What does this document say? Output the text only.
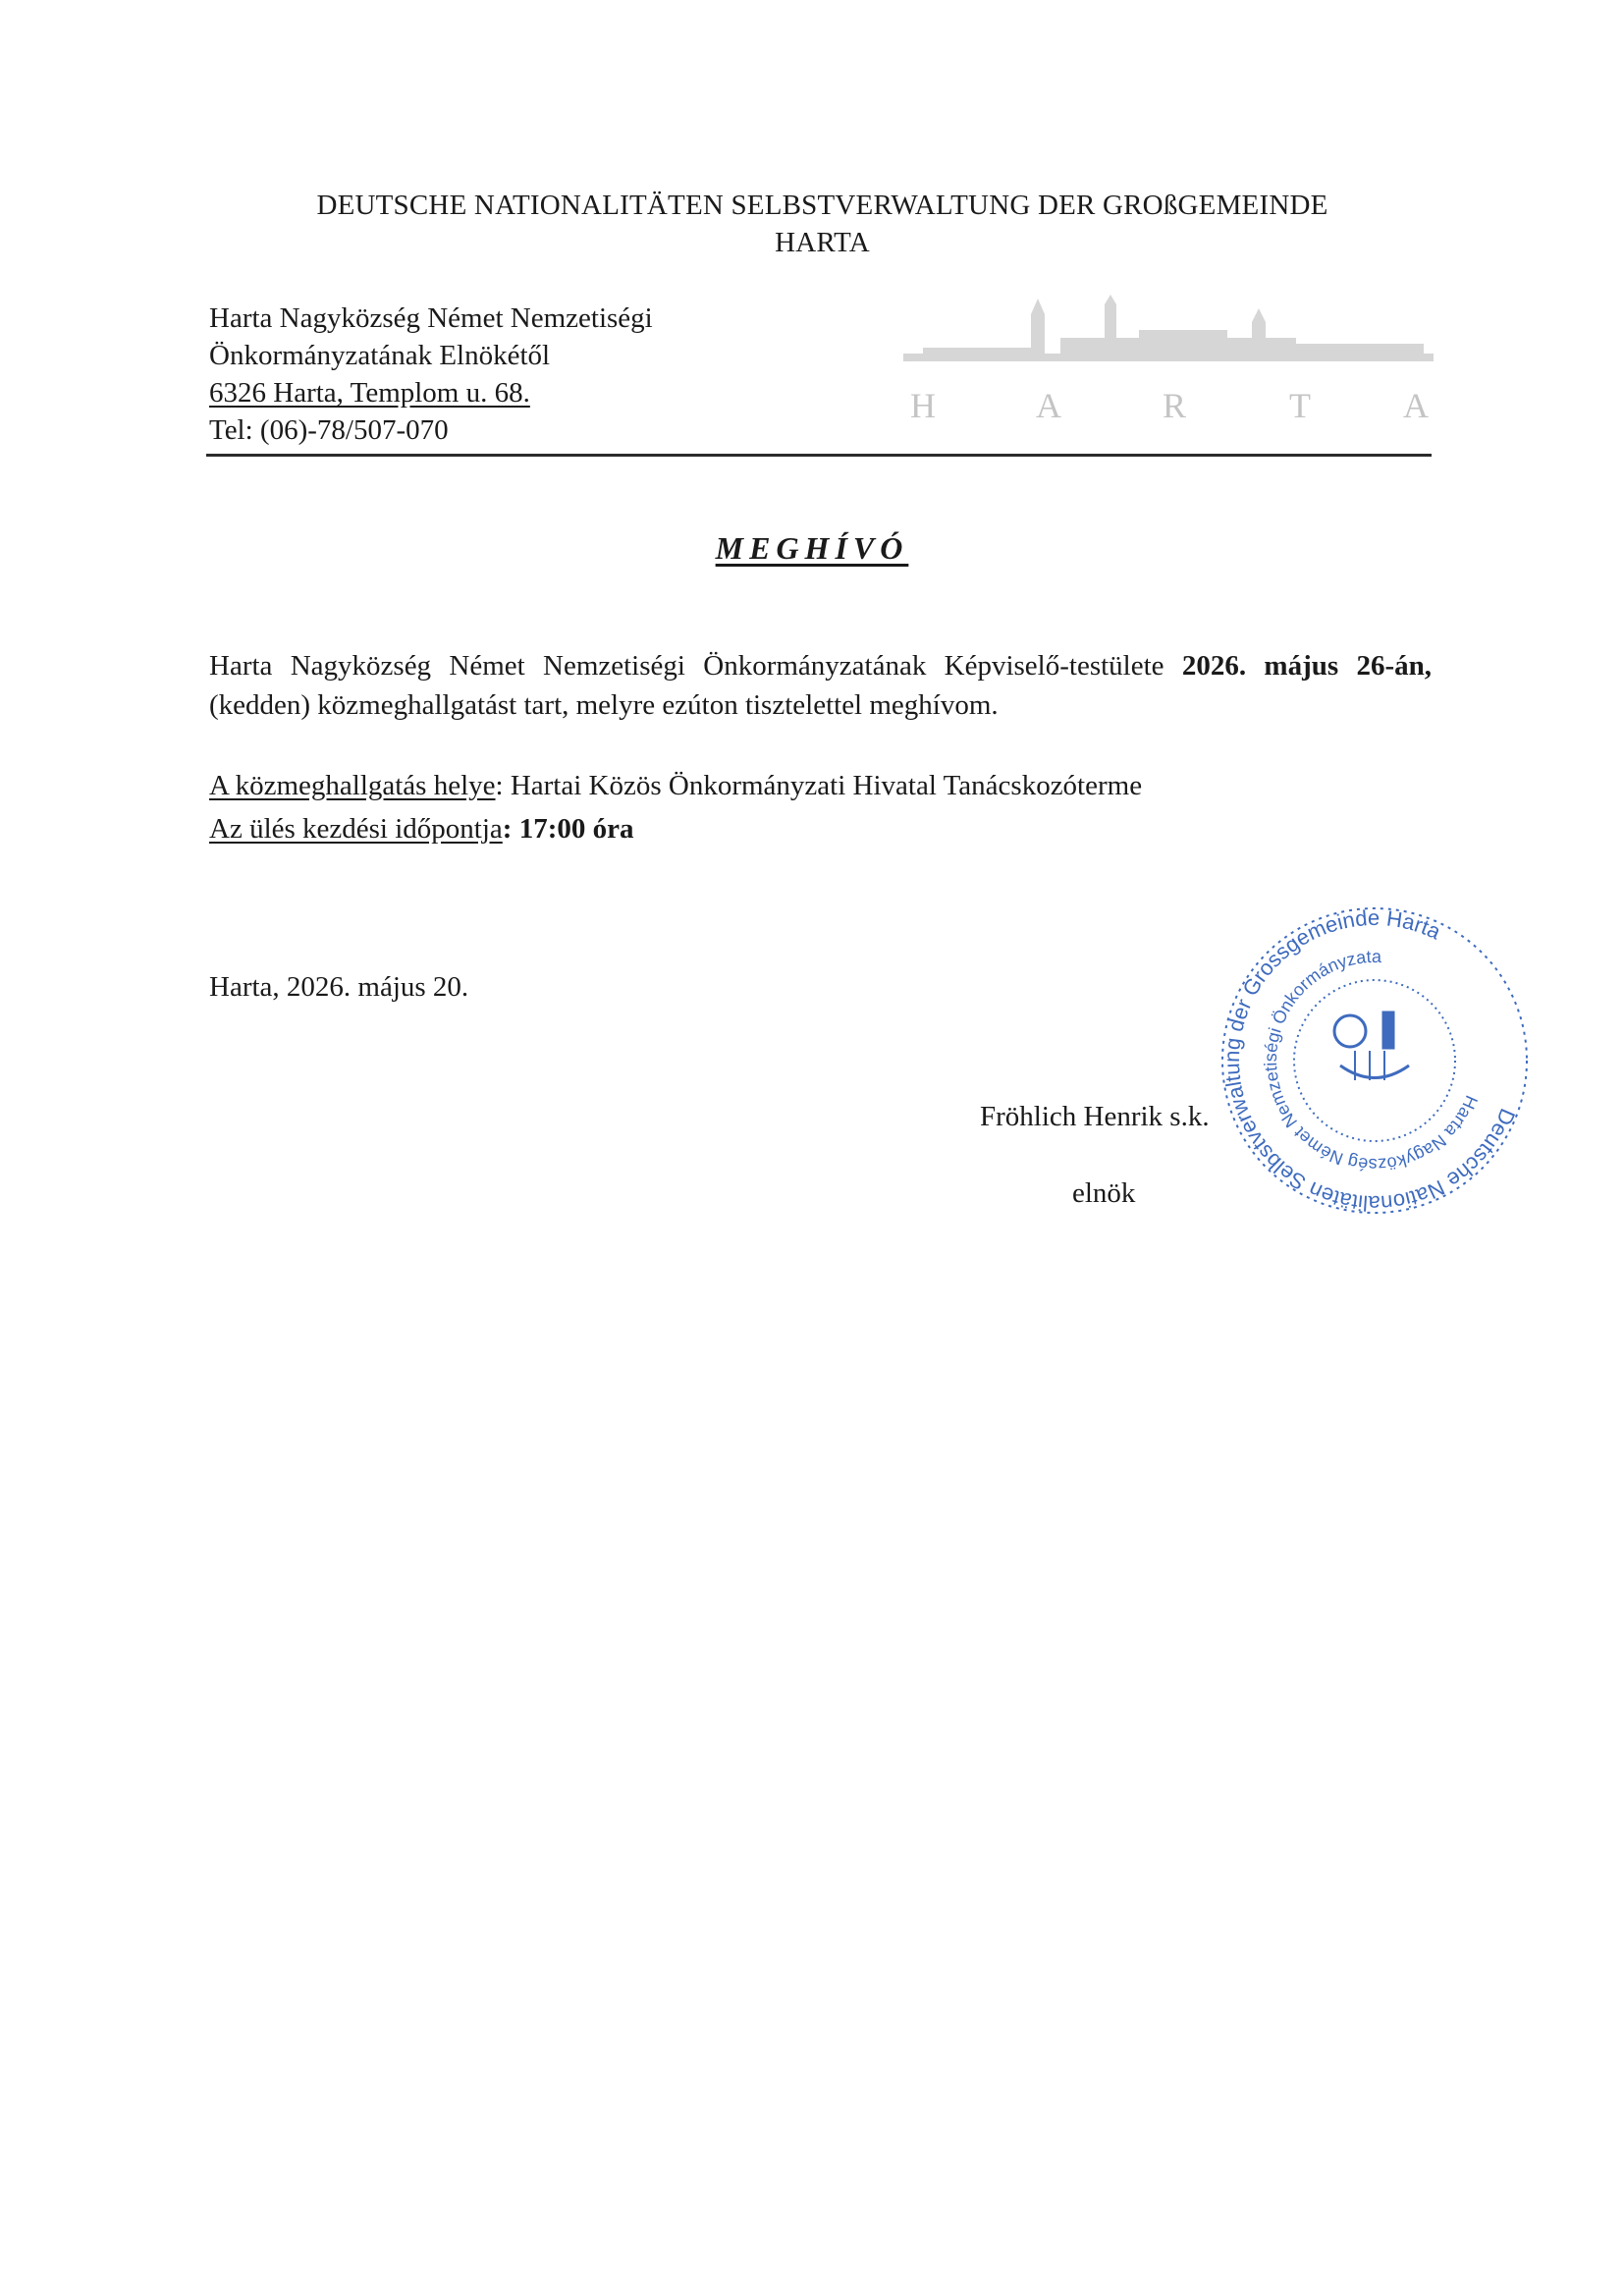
DEUTSCHE NATIONALITÄTEN SELBSTVERWALTUNG DER GROßGEMEINDE
HARTA
Harta Nagyközség Német Nemzetiségi
Önkormányzatának Elnökétől
6326 Harta, Templom u. 68.
Tel: (06)-78/507-070
H	A	R	T	A
MEGHÍVÓ
Harta Nagyközség Német Nemzetiségi Önkormányzatának Képviselő-testülete 2026. május 26-án, (kedden) közmeghallgatást tart, melyre ezúton tisztelettel meghívom.
A közmeghallgatás helye: Hartai Közös Önkormányzati Hivatal Tanácskozóterme
Az ülés kezdési időpontja: 17:00 óra
Harta, 2026. május 20.
Fröhlich Henrik s.k.
elnök
Deutsche Nationalitäten Selbstverwaltung der Grossgemeinde Harta
Harta Nagyközség Német Nemzetiségi Önkormányzata
